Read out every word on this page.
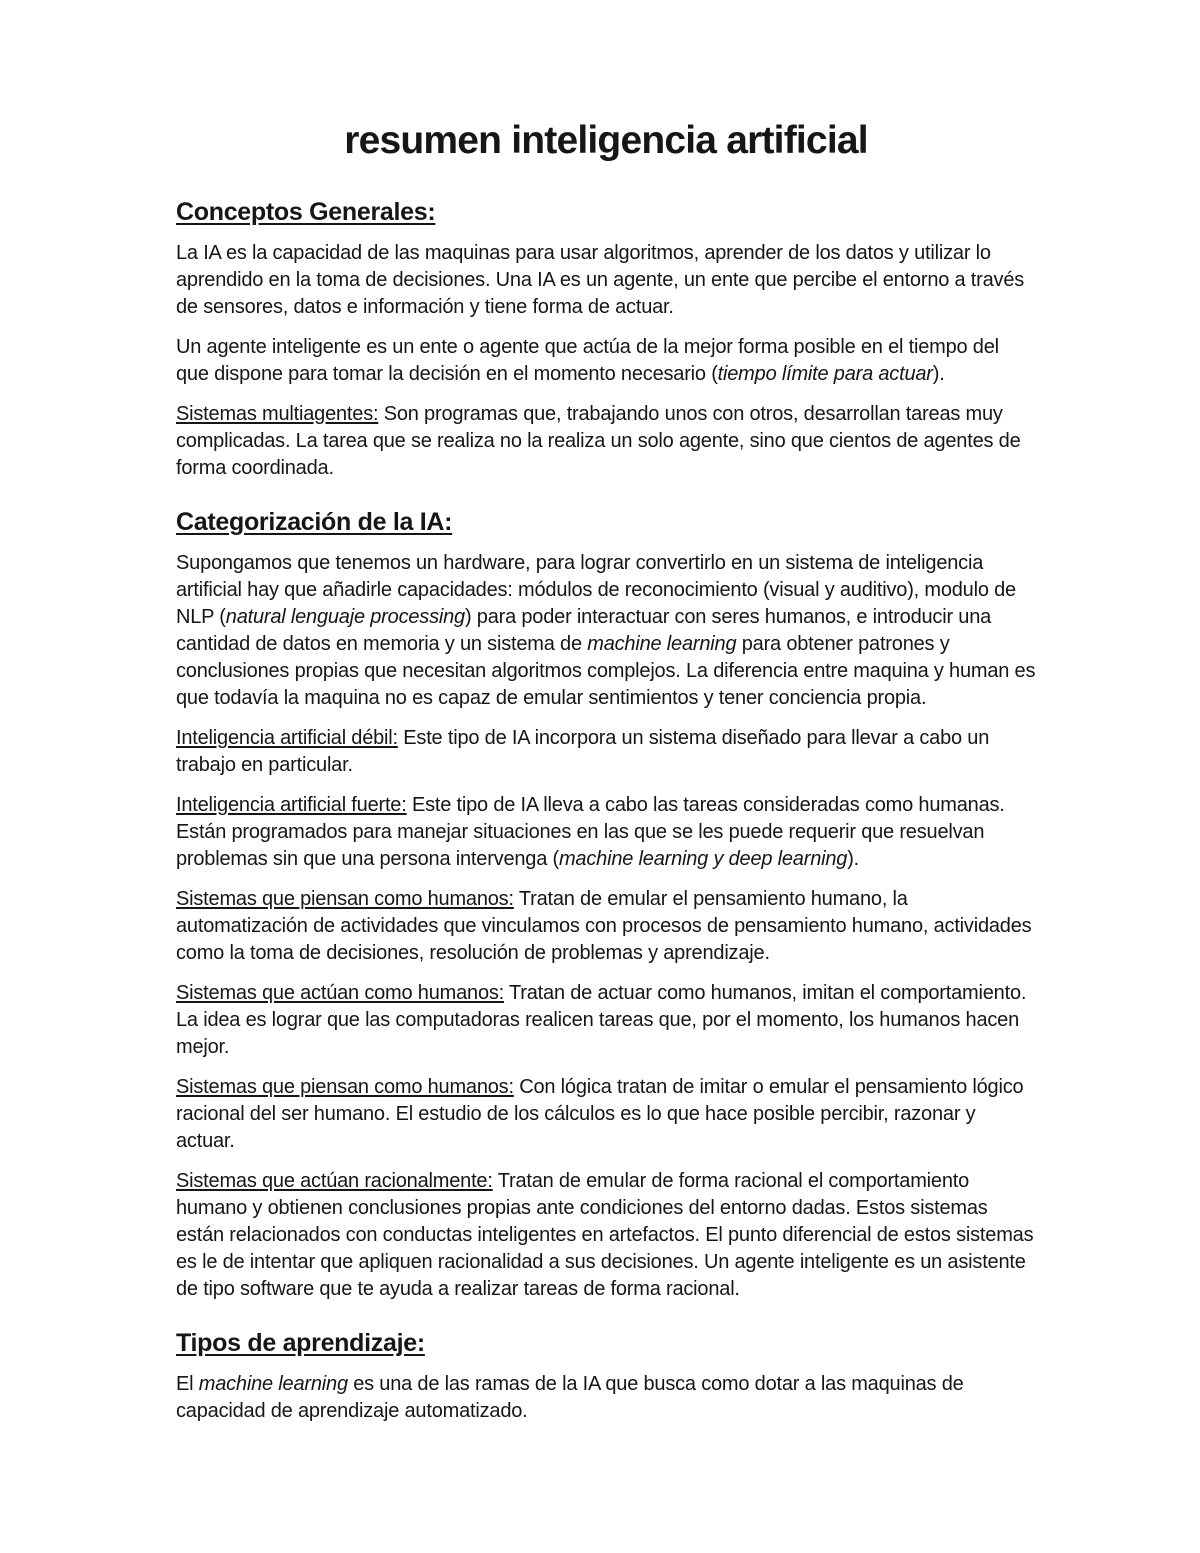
resumen inteligencia artificial
Conceptos Generales:

La IA es la capacidad de las maquinas para usar algoritmos, aprender de los datos y utilizar lo aprendido en la toma de decisiones. Una IA es un agente, un ente que percibe el entorno a través de sensores, datos e información y tiene forma de actuar.

Un agente inteligente es un ente o agente que actúa de la mejor forma posible en el tiempo del que dispone para tomar la decisión en el momento necesario (tiempo límite para actuar).

Sistemas multiagentes: Son programas que, trabajando unos con otros, desarrollan tareas muy complicadas. La tarea que se realiza no la realiza un solo agente, sino que cientos de agentes de forma coordinada.

Categorización de la IA:

Supongamos que tenemos un hardware, para lograr convertirlo en un sistema de inteligencia artificial hay que añadirle capacidades: módulos de reconocimiento (visual y auditivo), modulo de NLP (natural lenguaje processing) para poder interactuar con seres humanos, e introducir una cantidad de datos en memoria y un sistema de machine learning para obtener patrones y conclusiones propias que necesitan algoritmos complejos. La diferencia entre maquina y human es que todavía la maquina no es capaz de emular sentimientos y tener conciencia propia.

Inteligencia artificial débil: Este tipo de IA incorpora un sistema diseñado para llevar a cabo un trabajo en particular.

Inteligencia artificial fuerte: Este tipo de IA lleva a cabo las tareas consideradas como humanas. Están programados para manejar situaciones en las que se les puede requerir que resuelvan problemas sin que una persona intervenga (machine learning y deep learning).

Sistemas que piensan como humanos: Tratan de emular el pensamiento humano, la automatización de actividades que vinculamos con procesos de pensamiento humano, actividades como la toma de decisiones, resolución de problemas y aprendizaje.

Sistemas que actúan como humanos: Tratan de actuar como humanos, imitan el comportamiento. La idea es lograr que las computadoras realicen tareas que, por el momento, los humanos hacen mejor.

Sistemas que piensan como humanos: Con lógica tratan de imitar o emular el pensamiento lógico racional del ser humano. El estudio de los cálculos es lo que hace posible percibir, razonar y actuar.

Sistemas que actúan racionalmente: Tratan de emular de forma racional el comportamiento humano y obtienen conclusiones propias ante condiciones del entorno dadas. Estos sistemas están relacionados con conductas inteligentes en artefactos. El punto diferencial de estos sistemas es le de intentar que apliquen racionalidad a sus decisiones. Un agente inteligente es un asistente de tipo software que te ayuda a realizar tareas de forma racional.

Tipos de aprendizaje:

El machine learning es una de las ramas de la IA que busca como dotar a las maquinas de capacidad de aprendizaje automatizado.
